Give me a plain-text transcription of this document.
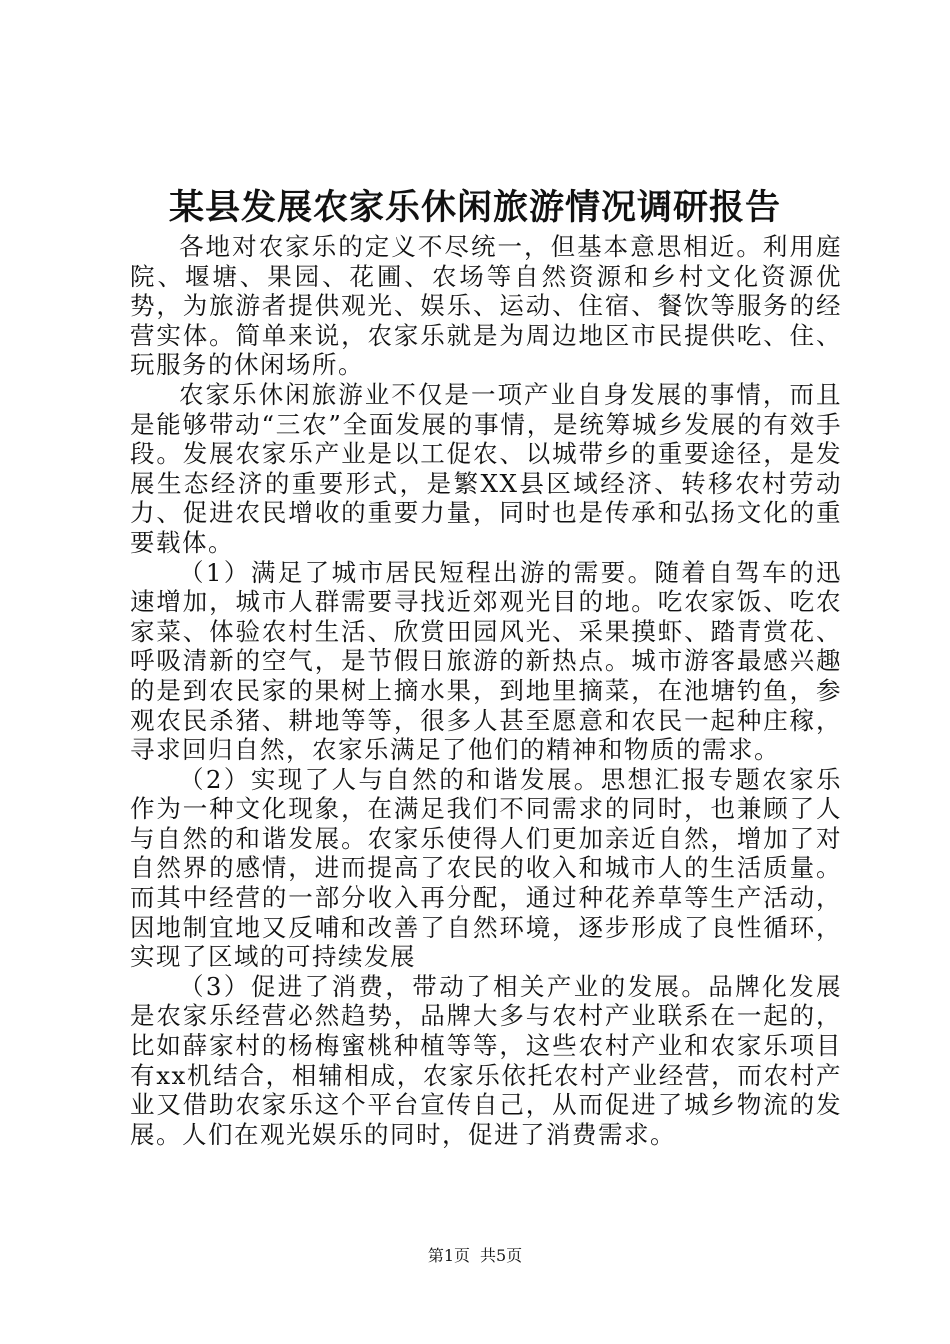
某县发展农家乐休闲旅游情况调研报告

各地对农家乐的定义不尽统一，但基本意思相近。利用庭院、堰塘、果园、花圃、农场等自然资源和乡村文化资源优势，为旅游者提供观光、娱乐、运动、住宿、餐饮等服务的经营实体。简单来说，农家乐就是为周边地区市民提供吃、住、玩服务的休闲场所。

农家乐休闲旅游业不仅是一项产业自身发展的事情，而且是能够带动“三农”全面发展的事情，是统筹城乡发展的有效手段。发展农家乐产业是以工促农、以城带乡的重要途径，是发展生态经济的重要形式，是繁XX县区域经济、转移农村劳动力、促进农民增收的重要力量，同时也是传承和弘扬文化的重要载体。

（1）满足了城市居民短程出游的需要。随着自驾车的迅速增加，城市人群需要寻找近郊观光目的地。吃农家饭、吃农家菜、体验农村生活、欣赏田园风光、采果摸虾、踏青赏花、呼吸清新的空气，是节假日旅游的新热点。城市游客最感兴趣的是到农民家的果树上摘水果，到地里摘菜，在池塘钓鱼，参观农民杀猪、耕地等等，很多人甚至愿意和农民一起种庄稼，寻求回归自然，农家乐满足了他们的精神和物质的需求。

（2）实现了人与自然的和谐发展。思想汇报专题农家乐作为一种文化现象，在满足我们不同需求的同时，也兼顾了人与自然的和谐发展。农家乐使得人们更加亲近自然，增加了对自然界的感情，进而提高了农民的收入和城市人的生活质量。而其中经营的一部分收入再分配，通过种花养草等生产活动，因地制宜地又反哺和改善了自然环境，逐步形成了良性循环，实现了区域的可持续发展

（3）促进了消费，带动了相关产业的发展。品牌化发展是农家乐经营必然趋势，品牌大多与农村产业联系在一起的，比如薛家村的杨梅蜜桃种植等等，这些农村产业和农家乐项目有xx机结合，相辅相成，农家乐依托农村产业经营，而农村产业又借助农家乐这个平台宣传自己，从而促进了城乡物流的发展。人们在观光娱乐的同时，促进了消费需求。

第1页 共5页
